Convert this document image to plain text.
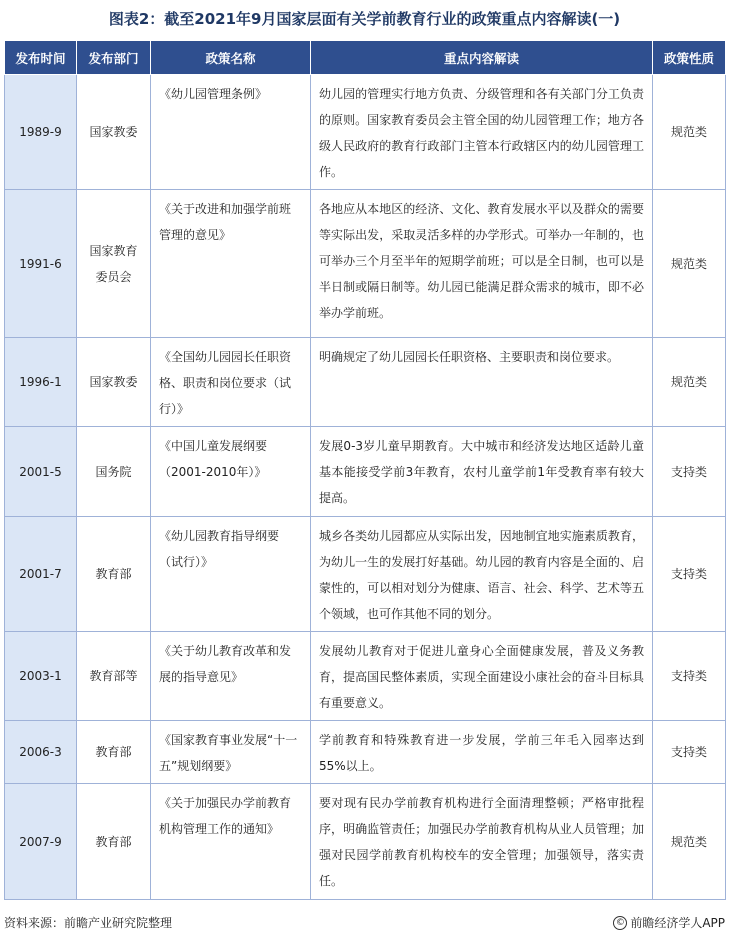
图表2：截至2021年9月国家层面有关学前教育行业的政策重点内容解读(一)
发布时间	发布部门	政策名称	重点内容解读	政策性质
1989-9	国家教委	《幼儿园管理条例》	幼儿园的管理实行地方负责、分级管理和各有关部门分工负责的原则。国家教育委员会主管全国的幼儿园管理工作；地方各级人民政府的教育行政部门主管本行政辖区内的幼儿园管理工作。	规范类
1991-6	国家教育委员会	《关于改进和加强学前班管理的意见》	各地应从本地区的经济、文化、教育发展水平以及群众的需要等实际出发，采取灵活多样的办学形式。可举办一年制的，也可举办三个月至半年的短期学前班；可以是全日制，也可以是半日制或隔日制等。幼儿园已能满足群众需求的城市，即不必举办学前班。	规范类
1996-1	国家教委	《全国幼儿园园长任职资格、职责和岗位要求（试行）》	明确规定了幼儿园园长任职资格、主要职责和岗位要求。	规范类
2001-5	国务院	《中国儿童发展纲要（2001-2010年）》	发展0-3岁儿童早期教育。大中城市和经济发达地区适龄儿童基本能接受学前3年教育，农村儿童学前1年受教育率有较大提高。	支持类
2001-7	教育部	《幼儿园教育指导纲要（试行）》	城乡各类幼儿园都应从实际出发，因地制宜地实施素质教育，为幼儿一生的发展打好基础。幼儿园的教育内容是全面的、启蒙性的，可以相对划分为健康、语言、社会、科学、艺术等五个领域，也可作其他不同的划分。	支持类
2003-1	教育部等	《关于幼儿教育改革和发展的指导意见》	发展幼儿教育对于促进儿童身心全面健康发展，普及义务教育，提高国民整体素质，实现全面建设小康社会的奋斗目标具有重要意义。	支持类
2006-3	教育部	《国家教育事业发展“十一五”规划纲要》	学前教育和特殊教育进一步发展，学前三年毛入园率达到55%以上。	支持类
2007-9	教育部	《关于加强民办学前教育机构管理工作的通知》	要对现有民办学前教育机构进行全面清理整顿；严格审批程序，明确监管责任；加强民办学前教育机构从业人员管理；加强对民园学前教育机构校车的安全管理；加强领导，落实责任。	规范类
资料来源：前瞻产业研究院整理	© 前瞻经济学人APP
